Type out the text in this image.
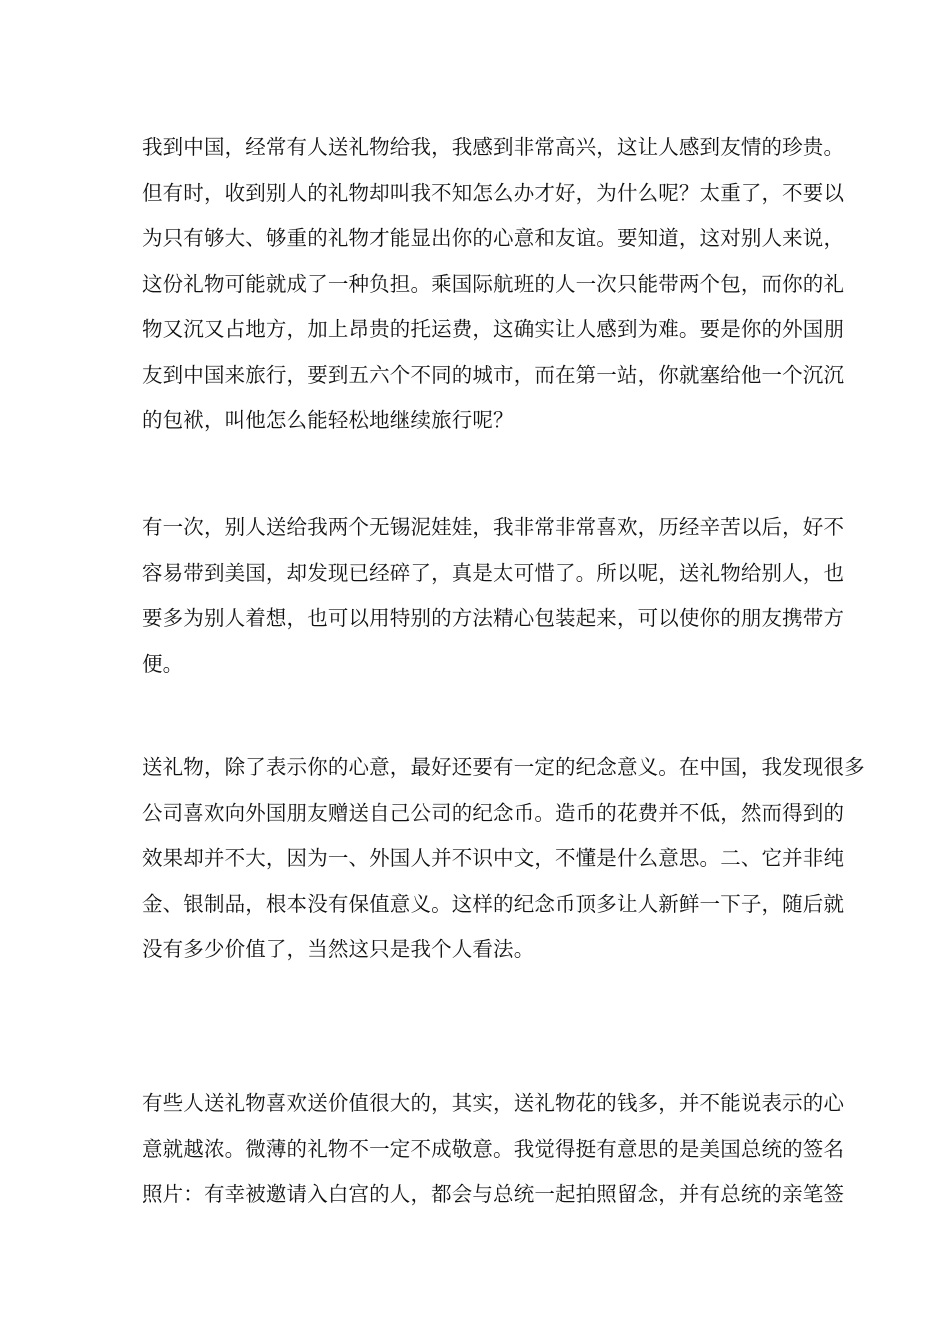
我到中国，经常有人送礼物给我，我感到非常高兴，这让人感到友情的珍贵。
但有时，收到别人的礼物却叫我不知怎么办才好，为什么呢？太重了，不要以
为只有够大、够重的礼物才能显出你的心意和友谊。要知道，这对别人来说，
这份礼物可能就成了一种负担。乘国际航班的人一次只能带两个包，而你的礼
物又沉又占地方，加上昂贵的托运费，这确实让人感到为难。要是你的外国朋
友到中国来旅行，要到五六个不同的城市，而在第一站，你就塞给他一个沉沉
的包袱，叫他怎么能轻松地继续旅行呢？

有一次，别人送给我两个无锡泥娃娃，我非常非常喜欢，历经辛苦以后，好不
容易带到美国，却发现已经碎了，真是太可惜了。所以呢，送礼物给别人，也
要多为别人着想，也可以用特别的方法精心包装起来，可以使你的朋友携带方
便。

送礼物，除了表示你的心意，最好还要有一定的纪念意义。在中国，我发现很多
公司喜欢向外国朋友赠送自己公司的纪念币。造币的花费并不低，然而得到的
效果却并不大，因为一、外国人并不识中文，不懂是什么意思。二、它并非纯
金、银制品，根本没有保值意义。这样的纪念币顶多让人新鲜一下子，随后就
没有多少价值了，当然这只是我个人看法。

有些人送礼物喜欢送价值很大的，其实，送礼物花的钱多，并不能说表示的心
意就越浓。微薄的礼物不一定不成敬意。我觉得挺有意思的是美国总统的签名
照片：有幸被邀请入白宫的人，都会与总统一起拍照留念，并有总统的亲笔签
